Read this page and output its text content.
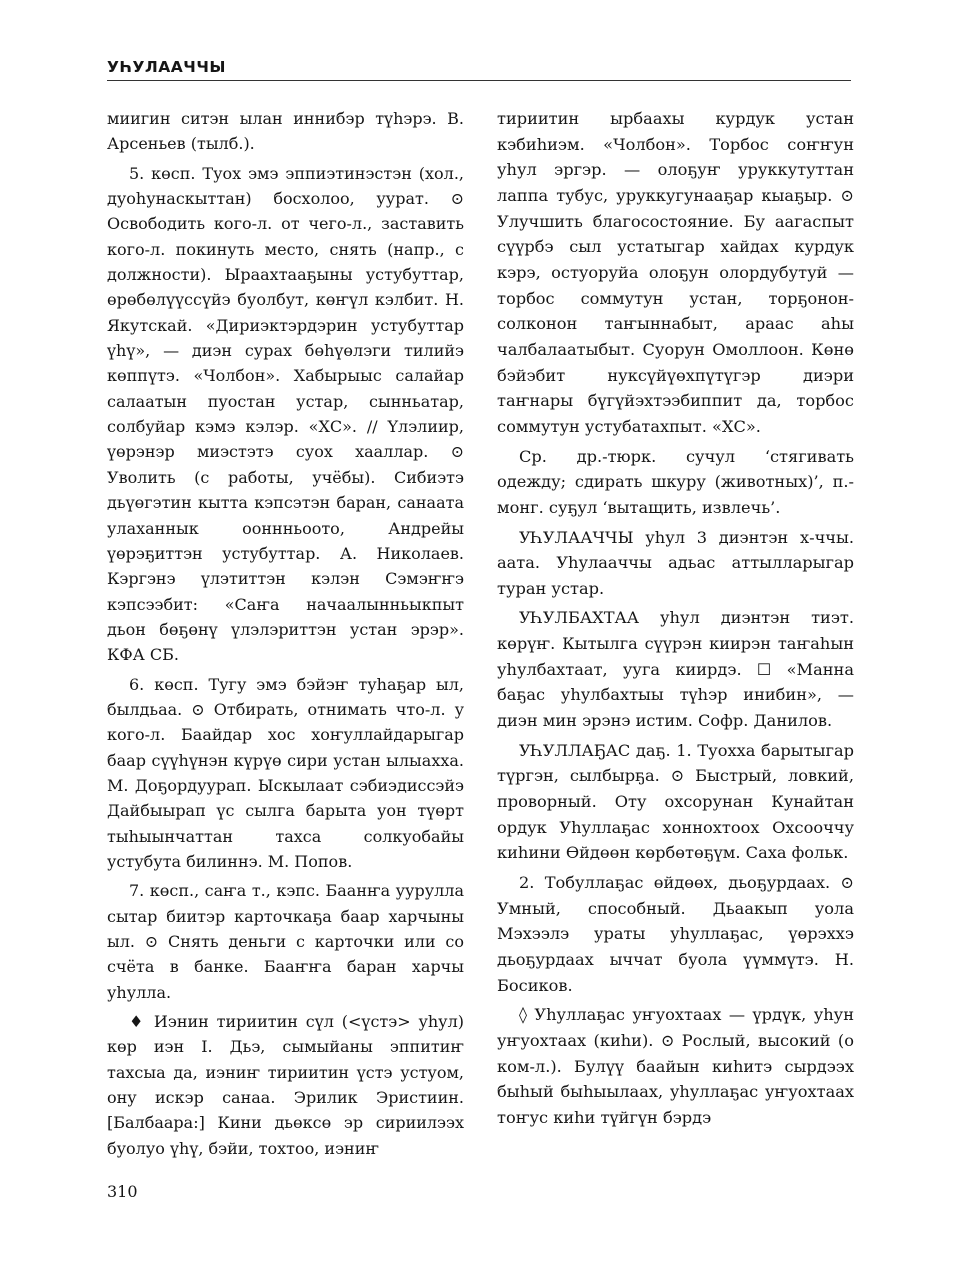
УҺУЛААЧЧЫ

миигин ситэн ылан иннибэр түһэрэ. В. Арсеньев (тылб.).

5. көсп. Туох эмэ эппиэтинэстэн (хол., дуоһунаскыттан) босхолоо, уурат. ⊙ Освободить кого-л. от чего-л., заставить кого-л. покинуть место, снять (напр., с должности). Ыраахтааҕыны устубуттар, өрөбөлүүссүйэ буолбут, көҥүл кэлбит. Н. Якутскай. «Дириэктэрдэрин устубуттар үһү», — диэн сурах бөһүөлэги тилийэ көппүтэ. «Чолбон». Хабырыыс салайар салаатын пуостан устар, сынньатар, солбуйар кэмэ кэлэр. «ХС». // Үлэлиир, үөрэнэр миэстэтэ суох хааллар. ⊙ Уволить (с работы, учёбы). Сибиэтэ дьүөгэтин кытта кэпсэтэн баран, санаата улаханнык ооннньоото, Андрейы үөрэҕиттэн устубуттар. А. Николаев. Кэргэнэ үлэтиттэн кэлэн Сэмэҥҥэ кэпсээбит: «Саҥа начаалынньыкпыт дьон бөҕөнү үлэлэриттэн устан эрэр». КФА СБ.

6. көсп. Тугу эмэ бэйэҥ туһаҕар ыл, былдьаа. ⊙ Отбирать, отнимать что-л. у кого-л. Баайдар хос хоҥуллайдарыгар баар сүүһүнэн күрүө сири устан ылыахха. М. Доҕордуурап. Ыскылаат сэбиэдиссэйэ Дайбыырап үс сылга барыта уон түөрт тыһыынчаттан тахса солкуобайы устубута билиннэ. М. Попов.

7. көсп., саҥа т., кэпс. Баанҥа уурулла сытар биитэр карточкаҕа баар харчыны ыл. ⊙ Снять деньги с карточки или со счёта в банке. Бааҥҥа баран харчы уһулла.

♦ Иэнин тириитин сүл (<үстэ> уһул) көр иэн I. Дьэ, сымыйаны эппитиҥ тахсыа да, иэниҥ тириитин үстэ устуом, ону искэр санаа. Эрилик Эристиин. [Балбаара:] Кини дьөксө эр сириилээх буолуо үһү, бэйи, тохтоо, иэниҥ

тириитин ырбаахы курдук устан кэбиһиэм. «Чолбон». Торбос соҥҥун уһул эргэр. — олоҕуҥ уруккутуттан лаппа тубус, уруккугунааҕар кыаҕыр. ⊙ Улучшить благосостояние. Бу аагаспыт сүүрбэ сыл устатыгар хайдах курдук кэрэ, остуоруйа олоҕун олордубутуй — торбос соммутун устан, торҕонон-солконон таҥыннабыт, араас аһы чалбалаатыбыт. Суорун Омоллоон. Көнө бэйэбит нуксүйүөхпүтүгэр диэри таҥнары бүгүйэхтээбиппит да, торбос соммутун устубатахпыт. «ХС».

Ср. др.-тюрк. сучул ‘стягивать одежду; сдирать шкуру (животных)’, п.-монг. суҕул ‘вытащить, извлечь’.

УҺУЛААЧЧЫ уһул 3 диэнтэн х-ччы. аата. Уһулааччы адьас аттылларыгар туран устар.

УҺУЛБАХТАА уһул диэнтэн тиэт. көрүҥ. Кытылга сүүрэн киирэн таҥаһын уһулбахтаат, ууга киирдэ. ☐ «Манна баҕас уһулбахтыы түһэр инибин», — диэн мин эрэнэ истим. Софр. Данилов.

УҺУЛЛАҔАС даҕ. 1. Туохха барытыгар түргэн, сылбырҕа. ⊙ Быстрый, ловкий, проворный. Оту охсорунан Кунайтан ордук Уһуллаҕас хоннохтоох Охсооччу киһини Өйдөөн көрбөтөҕүм. Саха фольк.

2. Тобуллаҕас өйдөөх, дьоҕурдаах. ⊙ Умный, способный. Дьаакып уола Мэхээлэ ураты уһуллаҕас, үөрэххэ дьоҕурдаах ыччат буола үүммүтэ. Н. Босиков.

◊ Уһуллаҕас уҥуохтаах — үрдүк, уһун уҥуохтаах (киһи). ⊙ Рослый, высокий (о ком-л.). Булүү баайын киһитэ сырдээх быһый быһыылаах, уһуллаҕас уҥуохтаах тоҥус киһи түйгүн бэрдэ

310
